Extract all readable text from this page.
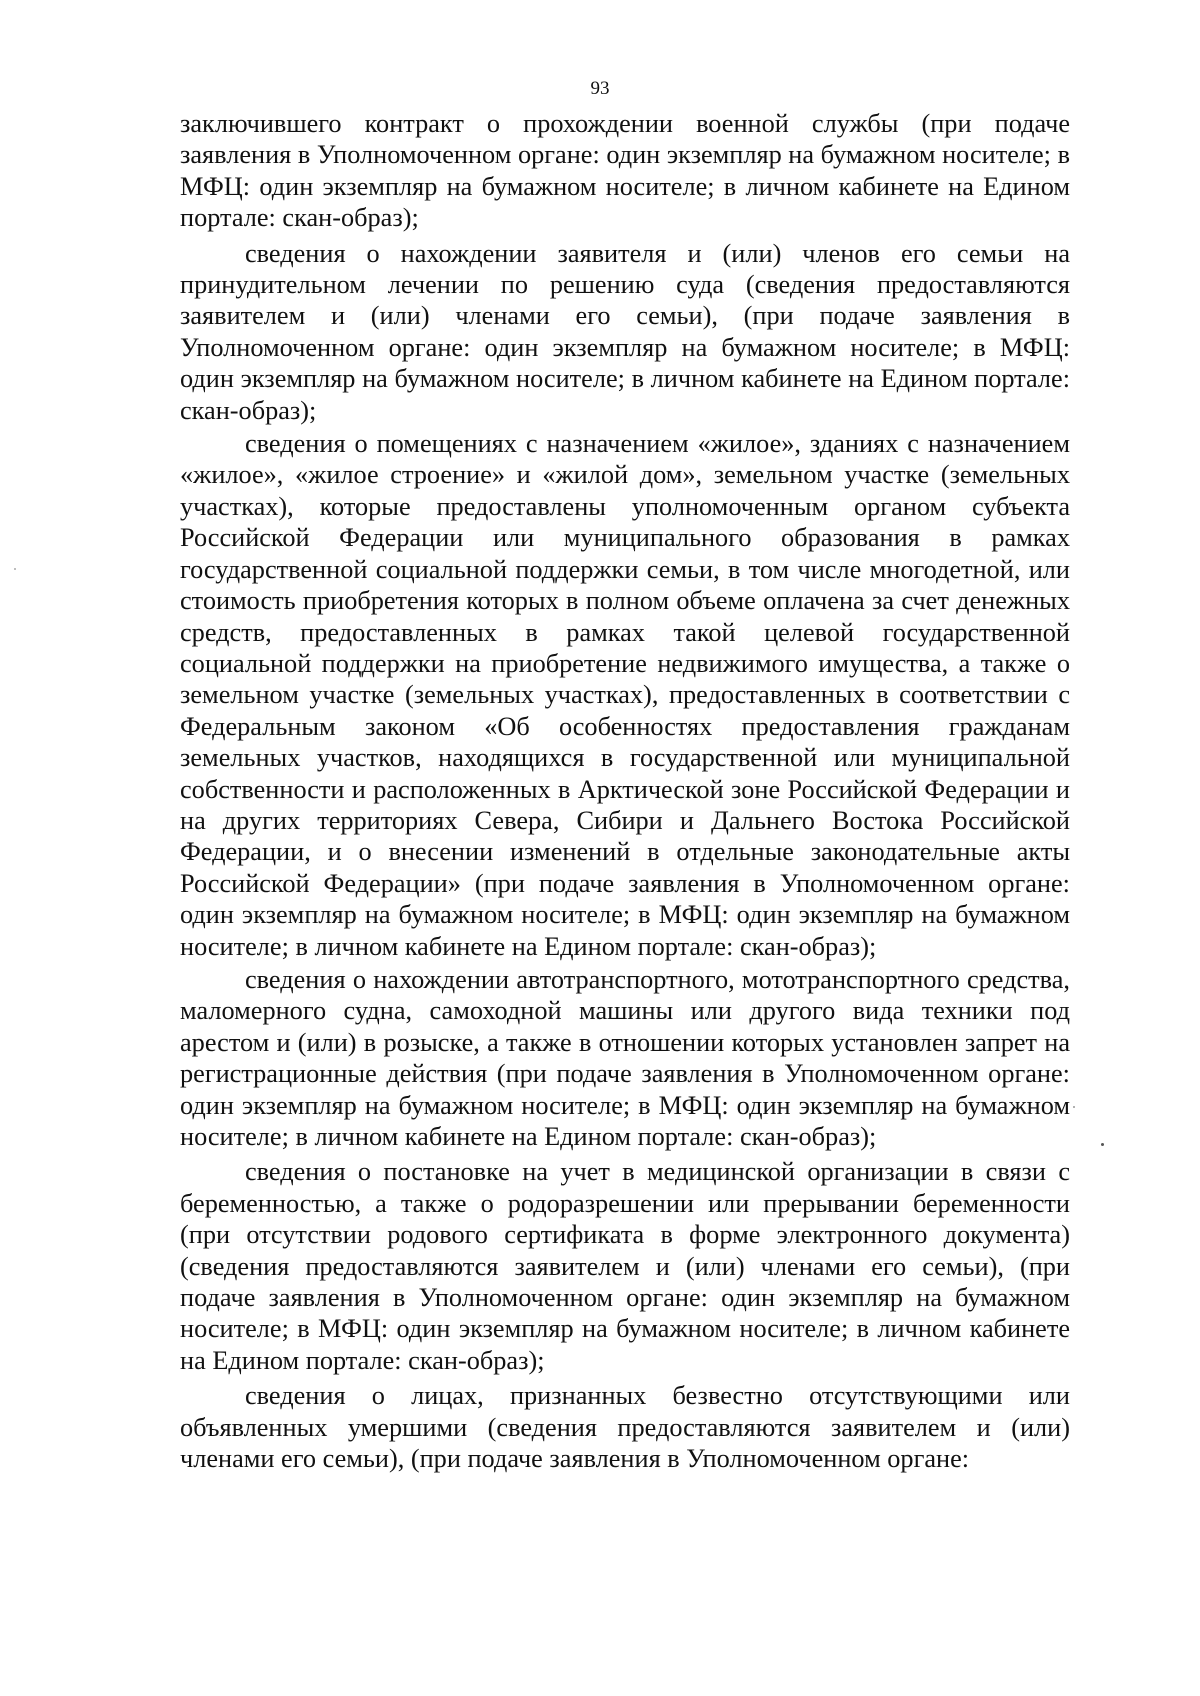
93

заключившего контракт о прохождении военной службы (при подаче заявления в Уполномоченном органе: один экземпляр на бумажном носителе; в МФЦ: один экземпляр на бумажном носителе; в личном кабинете на Едином портале: скан-образ);

сведения о нахождении заявителя и (или) членов его семьи на принудительном лечении по решению суда (сведения предоставляются заявителем и (или) членами его семьи), (при подаче заявления в Уполномоченном органе: один экземпляр на бумажном носителе; в МФЦ: один экземпляр на бумажном носителе; в личном кабинете на Едином портале: скан-образ);

сведения о помещениях с назначением «жилое», зданиях с назначением «жилое», «жилое строение» и «жилой дом», земельном участке (земельных участках), которые предоставлены уполномоченным органом субъекта Российской Федерации или муниципального образования в рамках государственной социальной поддержки семьи, в том числе многодетной, или стоимость приобретения которых в полном объеме оплачена за счет денежных средств, предоставленных в рамках такой целевой государственной социальной поддержки на приобретение недвижимого имущества, а также о земельном участке (земельных участках), предоставленных в соответствии с Федеральным законом «Об особенностях предоставления гражданам земельных участков, находящихся в государственной или муниципальной собственности и расположенных в Арктической зоне Российской Федерации и на других территориях Севера, Сибири и Дальнего Востока Российской Федерации, и о внесении изменений в отдельные законодательные акты Российской Федерации» (при подаче заявления в Уполномоченном органе: один экземпляр на бумажном носителе; в МФЦ: один экземпляр на бумажном носителе; в личном кабинете на Едином портале: скан-образ);

сведения о нахождении автотранспортного, мототранспортного средства, маломерного судна, самоходной машины или другого вида техники под арестом и (или) в розыске, а также в отношении которых установлен запрет на регистрационные действия (при подаче заявления в Уполномоченном органе: один экземпляр на бумажном носителе; в МФЦ: один экземпляр на бумажном носителе; в личном кабинете на Едином портале: скан-образ);

сведения о постановке на учет в медицинской организации в связи с беременностью, а также о родоразрешении или прерывании беременности (при отсутствии родового сертификата в форме электронного документа) (сведения предоставляются заявителем и (или) членами его семьи), (при подаче заявления в Уполномоченном органе: один экземпляр на бумажном носителе; в МФЦ: один экземпляр на бумажном носителе; в личном кабинете на Едином портале: скан-образ);

сведения о лицах, признанных безвестно отсутствующими или объявленных умершими (сведения предоставляются заявителем и (или) членами его семьи), (при подаче заявления в Уполномоченном органе:
